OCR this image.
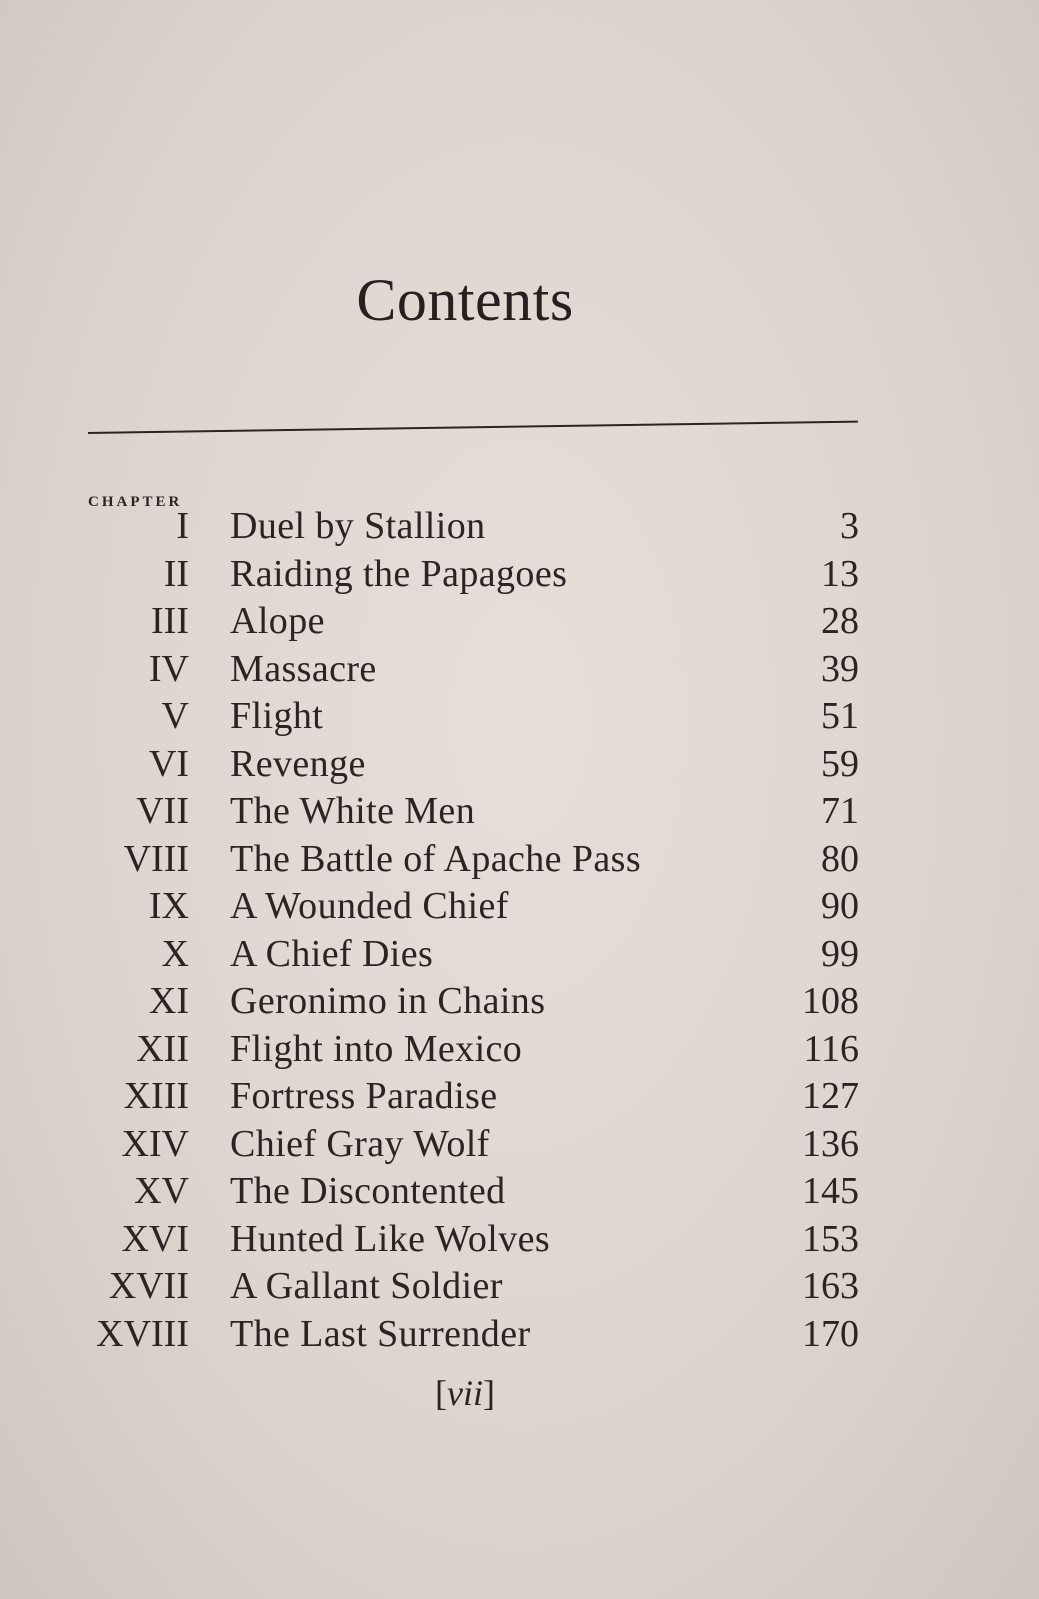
Contents
CHAPTER
I Duel by Stallion	3
II Raiding the Papagoes	13
III Alope	28
IV Massacre	39
V Flight	51
VI Revenge	59
VII The White Men	71
VIII The Battle of Apache Pass	80
IX A Wounded Chief	90
X A Chief Dies	99
XI Geronimo in Chains	108
XII Flight into Mexico	116
XIII Fortress Paradise	127
XIV Chief Gray Wolf	136
XV The Discontented	145
XVI Hunted Like Wolves	153
XVII A Gallant Soldier	163
XVIII The Last Surrender	170
[vii]
